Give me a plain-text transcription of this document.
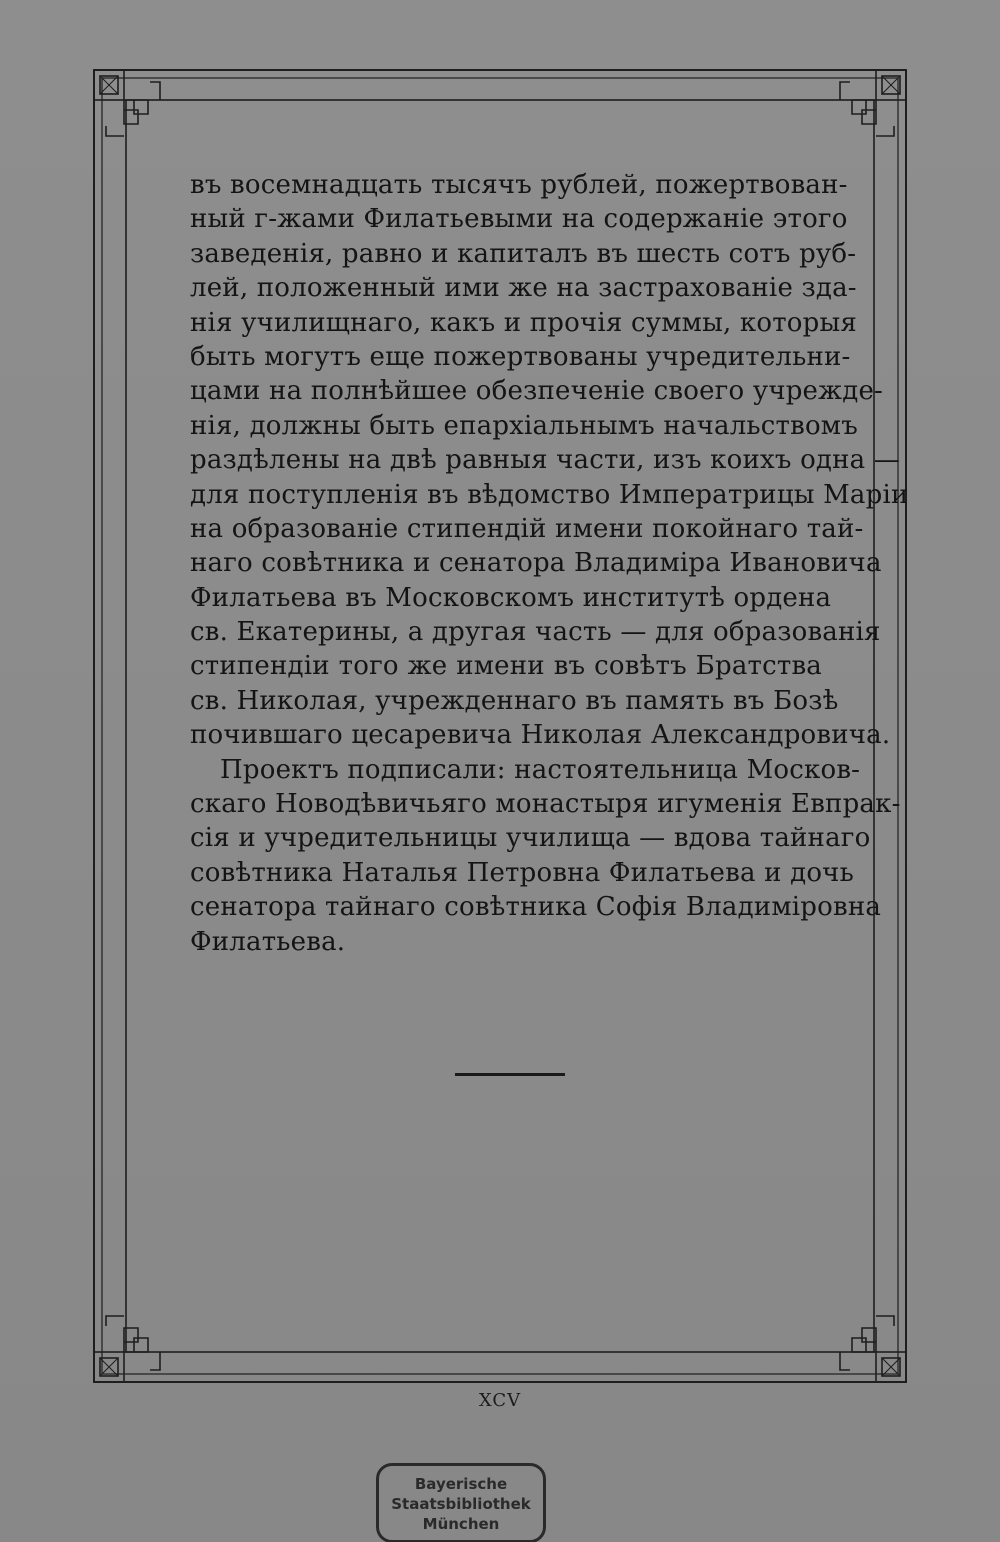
въ восемнадцать тысячъ рублей, пожертвован-
ный г-жами Филатьевыми на содержаніе этого
заведенія, равно и капиталъ въ шесть сотъ руб-
лей, положенный ими же на застрахованіе зда-
нія училищнаго, какъ и прочія суммы, которыя
быть могутъ еще пожертвованы учредительни-
цами на полнѣйшее обезпеченіе своего учрежде-
нія, должны быть епархіальнымъ начальствомъ
раздѣлены на двѣ равныя части, изъ коихъ одна —
для поступленія въ вѣдомство Императрицы Маріи
на образованіе стипендій имени покойнаго тай-
наго совѣтника и сенатора Владиміра Ивановича
Филатьева въ Московскомъ институтѣ ордена
св. Екатерины, а другая часть — для образованія
стипендіи того же имени въ совѣтъ Братства
св. Николая, учрежденнаго въ память въ Бозѣ
почившаго цесаревича Николая Александровича.
Проектъ подписали: настоятельница Москов-
скаго Новодѣвичьяго монастыря игуменія Евпрак-
сія и учредительницы училища — вдова тайнаго
совѣтника Наталья Петровна Филатьева и дочь
сенатора тайнаго совѣтника Софія Владиміровна
Филатьева.
XCV
Bayerische
Staatsbibliothek
München
